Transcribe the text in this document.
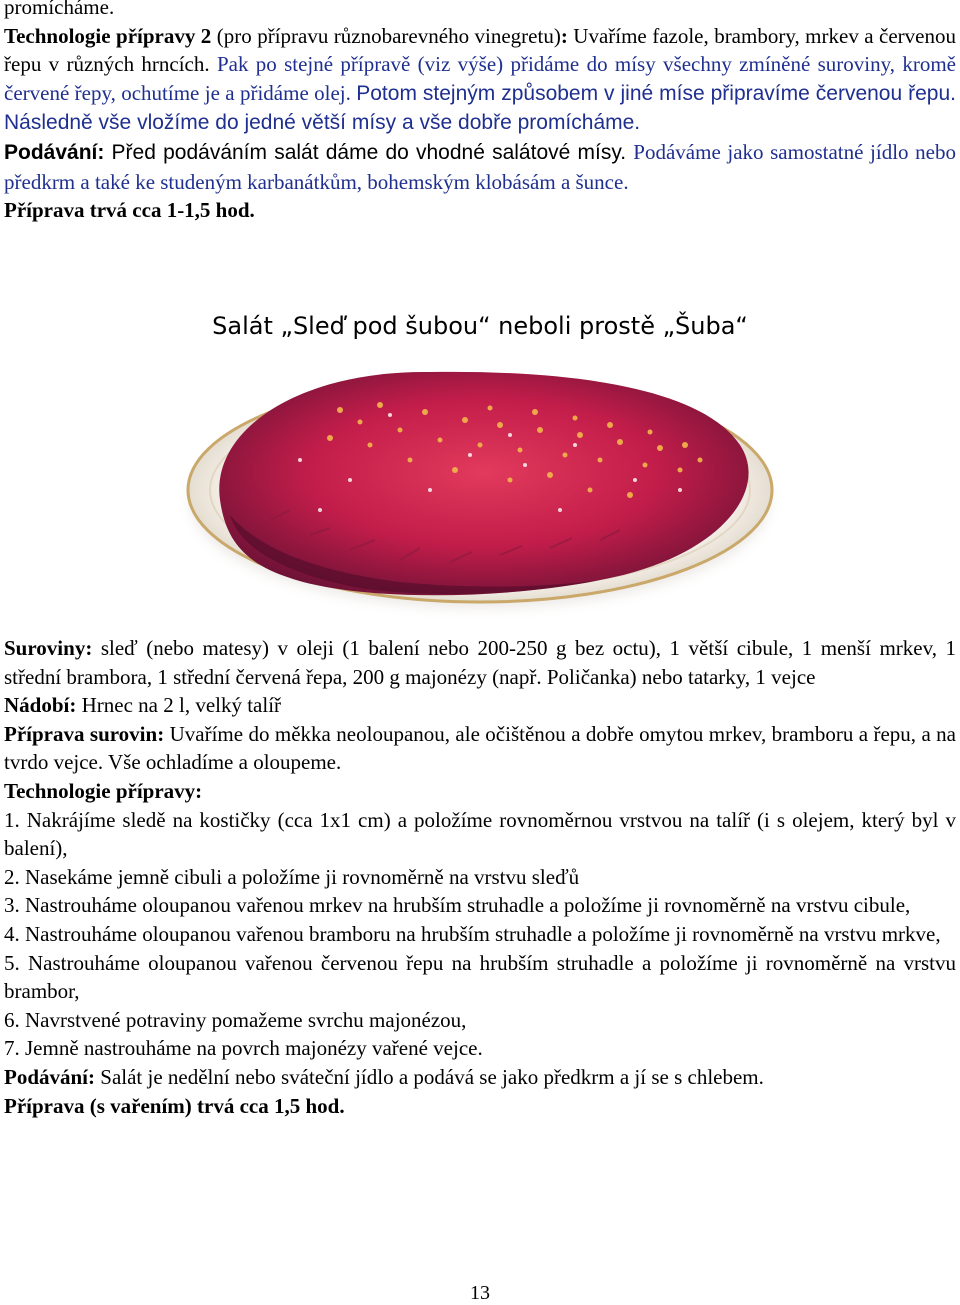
promícháme.

Technologie přípravy 2 (pro přípravu různobarevného vinegretu): Uvaříme fazole, brambory, mrkev a červenou řepu v různých hrncích. Pak po stejné přípravě (viz výše) přidáme do mísy všechny zmíněné suroviny, kromě červené řepy, ochutíme je a přidáme olej. Potom stejným způsobem v jiné míse připravíme červenou řepu. Následně vše vložíme do jedné větší mísy a vše dobře promícháme.

Podávání: Před podáváním salát dáme do vhodné salátové mísy. Podáváme jako samostatné jídlo nebo předkrm a také ke studeným karbanátkům, bohemským klobásám a šunce.

Příprava trvá cca 1-1,5 hod.

Salát „Sleď pod šubou“ neboli prostě „Šuba“

Suroviny: sleď (nebo matesy) v oleji (1 balení nebo 200-250 g bez octu), 1 větší cibule, 1 menší mrkev, 1 střední brambora, 1 střední červená řepa, 200 g majonézy (např. Poličanka) nebo tatarky, 1 vejce

Nádobí: Hrnec na 2 l, velký talíř

Příprava surovin: Uvaříme do měkka neoloupanou, ale očištěnou a dobře omytou mrkev, bramboru a řepu, a na tvrdo vejce. Vše ochladíme a oloupeme.

Technologie přípravy:

1. Nakrájíme sledě na kostičky (cca 1x1 cm) a položíme rovnoměrnou vrstvou na talíř (i s olejem, který byl v balení),

2. Nasekáme jemně cibuli a položíme ji rovnoměrně na vrstvu sleďů

3. Nastrouháme oloupanou vařenou mrkev na hrubším struhadle a položíme ji rovnoměrně na vrstvu cibule,

4. Nastrouháme oloupanou vařenou bramboru na hrubším struhadle a položíme ji rovnoměrně na vrstvu mrkve,

5. Nastrouháme oloupanou vařenou červenou řepu na hrubším struhadle a položíme ji rovnoměrně na vrstvu brambor,

6. Navrstvené potraviny pomažeme svrchu majonézou,

7. Jemně nastrouháme na povrch majonézy vařené vejce.

Podávání: Salát je nedělní nebo sváteční jídlo a podává se jako předkrm a jí se s chlebem.

Příprava (s vařením) trvá cca 1,5 hod.

13
